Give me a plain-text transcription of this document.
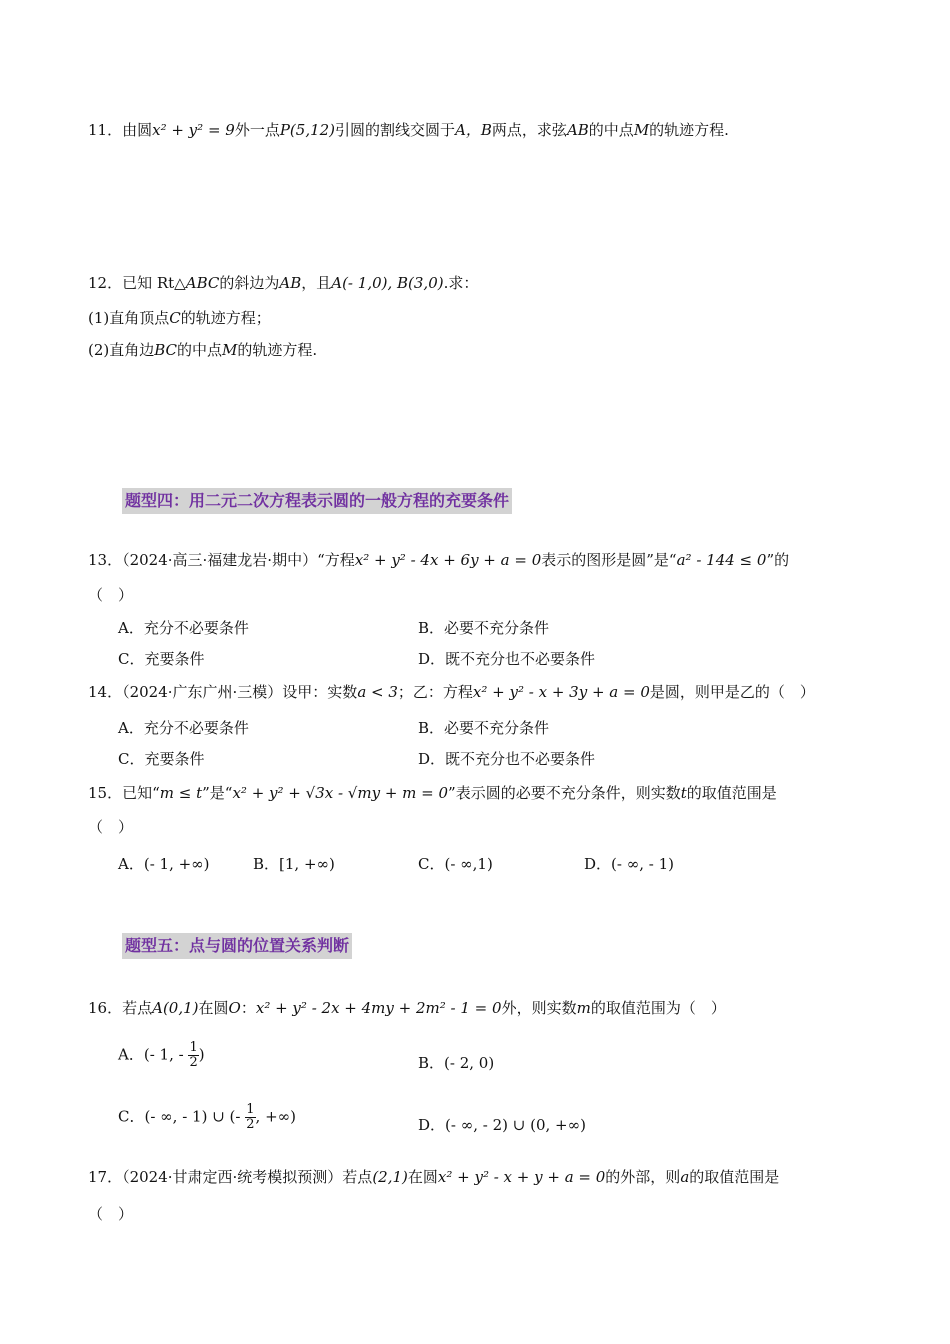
11．由圆x² + y² = 9外一点P(5,12)引圆的割线交圆于A，B两点，求弦AB的中点M的轨迹方程.
12．已知 Rt△ABC的斜边为AB，且A(- 1,0), B(3,0).求：
(1)直角顶点C的轨迹方程；
(2)直角边BC的中点M的轨迹方程.
题型四：用二元二次方程表示圆的一般方程的充要条件
13．（2024·高三·福建龙岩·期中）“方程x² + y² - 4x + 6y + a = 0表示的图形是圆”是“a² - 144 ≤ 0”的
（　）
A．充分不必要条件	B．必要不充分条件
C．充要条件	D．既不充分也不必要条件
14．（2024·广东广州·三模）设甲：实数a < 3；乙：方程x² + y² - x + 3y + a = 0是圆，则甲是乙的（　）
A．充分不必要条件	B．必要不充分条件
C．充要条件	D．既不充分也不必要条件
15．已知“m ≤ t”是“x² + y² + √3x - √my + m = 0”表示圆的必要不充分条件，则实数t的取值范围是
（　）
A．(- 1, +∞)	B．[1, +∞)	C．(- ∞,1)	D．(- ∞, - 1)
题型五：点与圆的位置关系判断
16．若点A(0,1)在圆O：x² + y² - 2x + 4my + 2m² - 1 = 0外，则实数m的取值范围为（　）
A．(- 1, - $\frac{1}{2}$ )	B．(- 2, 0)
C．(- ∞, - 1) ∪ (- $\frac{1}{2}$ , +∞)	D．(- ∞, - 2) ∪ (0, +∞)
17．（2024·甘肃定西·统考模拟预测）若点(2,1)在圆x² + y² - x + y + a = 0的外部，则a的取值范围是
（　）
